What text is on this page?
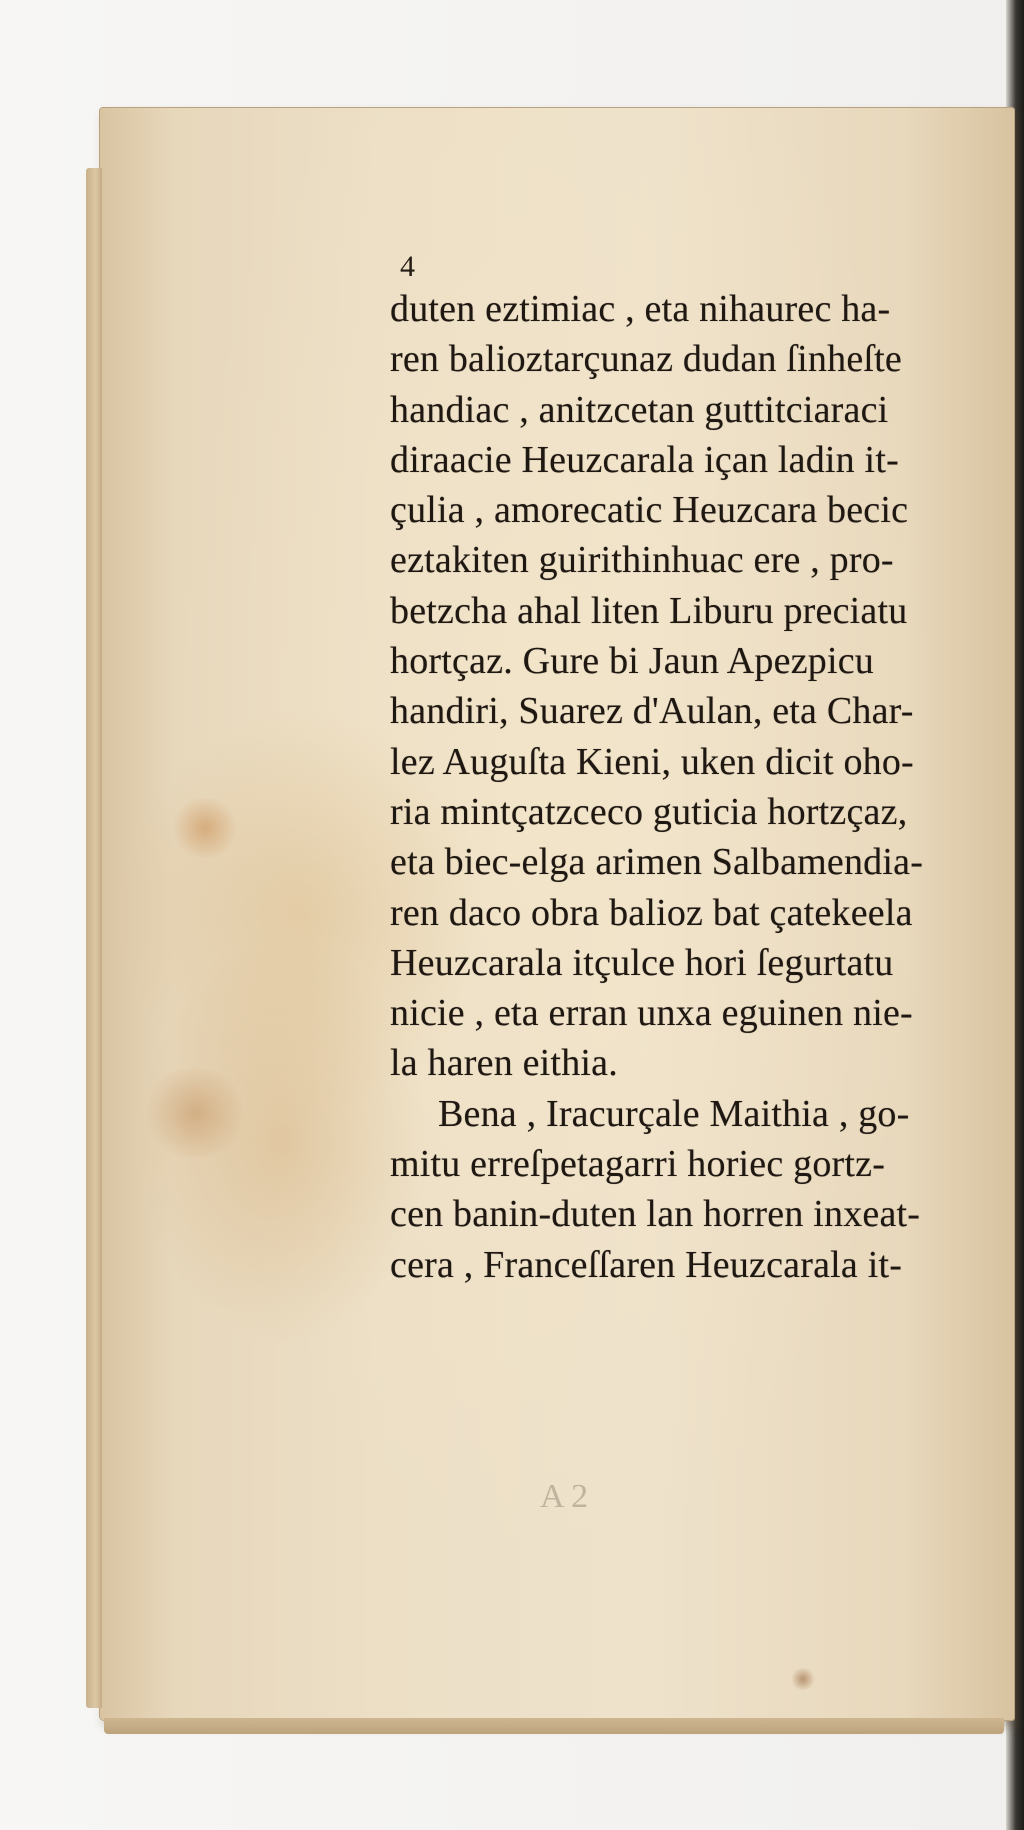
4
duten eztimiac , eta nihaurec ha-
ren balioztarçunaz dudan ſinheſte
handiac , anitzcetan guttitciaraci
diraacie Heuzcarala içan ladin it-
çulia , amorecatic Heuzcara becic
eztakiten guirithinhuac ere , pro-
betzcha ahal liten Liburu preciatu
hortçaz. Gure bi Jaun Apezpicu
handiri, Suarez d'Aulan, eta Char-
lez Auguſta Kieni, uken dicit oho-
ria mintçatzceco guticia hortzçaz,
eta biec-elga arimen Salbamendia-
ren daco obra balioz bat çatekeela
Heuzcarala itçulce hori ſegurtatu
nicie , eta erran unxa eguinen nie-
la haren eithia.
Bena , Iracurçale Maithia , go-
mitu erreſpetagarri horiec gortz-
cen banin-duten lan horren inxeat-
cera , Franceſſaren Heuzcarala it-
A 2
